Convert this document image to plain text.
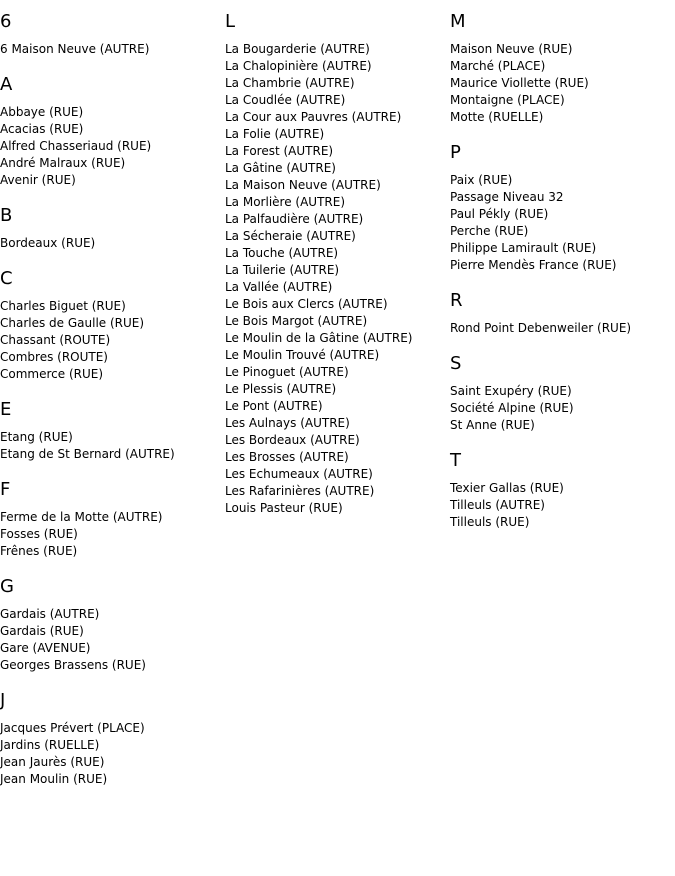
6
6 Maison Neuve (AUTRE)
A
Abbaye (RUE)
Acacias (RUE)
Alfred Chasseriaud (RUE)
André Malraux (RUE)
Avenir (RUE)
B
Bordeaux (RUE)
C
Charles Biguet (RUE)
Charles de Gaulle (RUE)
Chassant (ROUTE)
Combres (ROUTE)
Commerce (RUE)
E
Etang (RUE)
Etang de St Bernard (AUTRE)
F
Ferme de la Motte (AUTRE)
Fosses (RUE)
Frênes (RUE)
G
Gardais (AUTRE)
Gardais (RUE)
Gare (AVENUE)
Georges Brassens (RUE)
J
Jacques Prévert (PLACE)
Jardins (RUELLE)
Jean Jaurès (RUE)
Jean Moulin (RUE)
L
La Bougarderie (AUTRE)
La Chalopinière (AUTRE)
La Chambrie (AUTRE)
La Coudlée (AUTRE)
La Cour aux Pauvres (AUTRE)
La Folie (AUTRE)
La Forest (AUTRE)
La Gâtine (AUTRE)
La Maison Neuve (AUTRE)
La Morlière (AUTRE)
La Palfaudière (AUTRE)
La Sécheraie (AUTRE)
La Touche (AUTRE)
La Tuilerie (AUTRE)
La Vallée (AUTRE)
Le Bois aux Clercs (AUTRE)
Le Bois Margot (AUTRE)
Le Moulin de la Gâtine (AUTRE)
Le Moulin Trouvé (AUTRE)
Le Pinoguet (AUTRE)
Le Plessis (AUTRE)
Le Pont (AUTRE)
Les Aulnays (AUTRE)
Les Bordeaux (AUTRE)
Les Brosses (AUTRE)
Les Echumeaux (AUTRE)
Les Rafarinières (AUTRE)
Louis Pasteur (RUE)
M
Maison Neuve (RUE)
Marché (PLACE)
Maurice Viollette (RUE)
Montaigne (PLACE)
Motte (RUELLE)
P
Paix (RUE)
Passage Niveau 32
Paul Pékly (RUE)
Perche (RUE)
Philippe Lamirault (RUE)
Pierre Mendès France (RUE)
R
Rond Point Debenweiler (RUE)
S
Saint Exupéry (RUE)
Société Alpine (RUE)
St Anne (RUE)
T
Texier Gallas (RUE)
Tilleuls (AUTRE)
Tilleuls (RUE)
